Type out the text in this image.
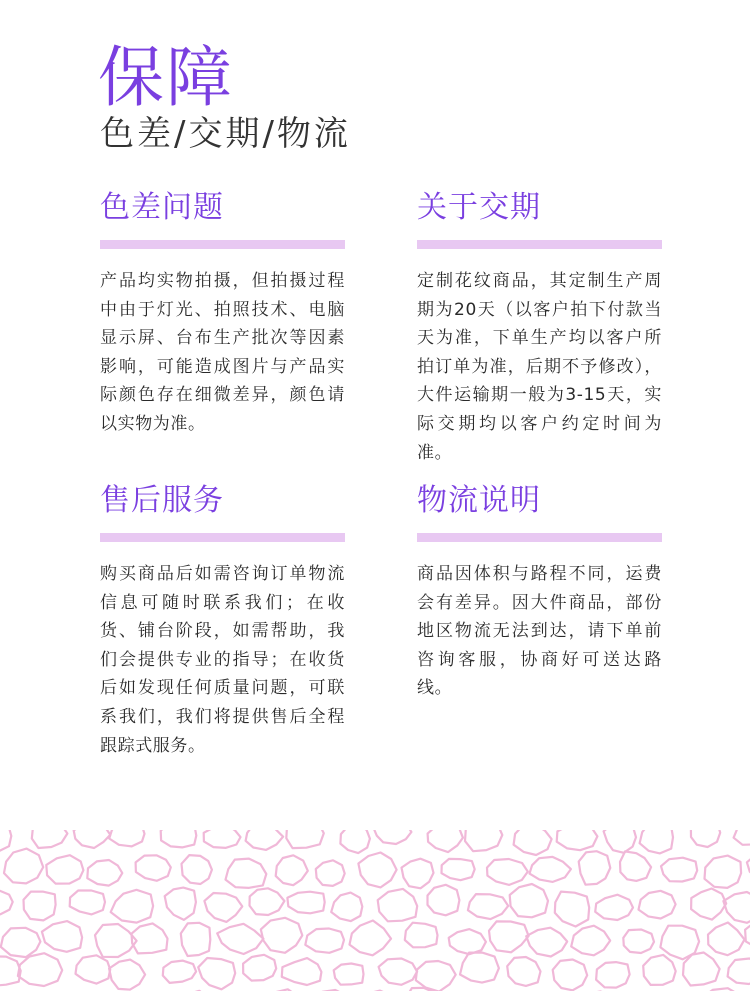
保障
色差/交期/物流
色差问题

产品均实物拍摄，但拍摄过程中由于灯光、拍照技术、电脑显示屏、台布生产批次等因素影响，可能造成图片与产品实际颜色存在细微差异，颜色请以实物为准。

关于交期

定制花纹商品，其定制生产周期为20天（以客户拍下付款当天为准，下单生产均以客户所拍订单为准，后期不予修改），大件运输期一般为3-15天，实际交期均以客户约定时间为准。

售后服务

购买商品后如需咨询订单物流信息可随时联系我们；在收货、铺台阶段，如需帮助，我们会提供专业的指导；在收货后如发现任何质量问题，可联系我们，我们将提供售后全程跟踪式服务。

物流说明

商品因体积与路程不同，运费会有差异。因大件商品，部份地区物流无法到达，请下单前咨询客服，协商好可送达路线。
